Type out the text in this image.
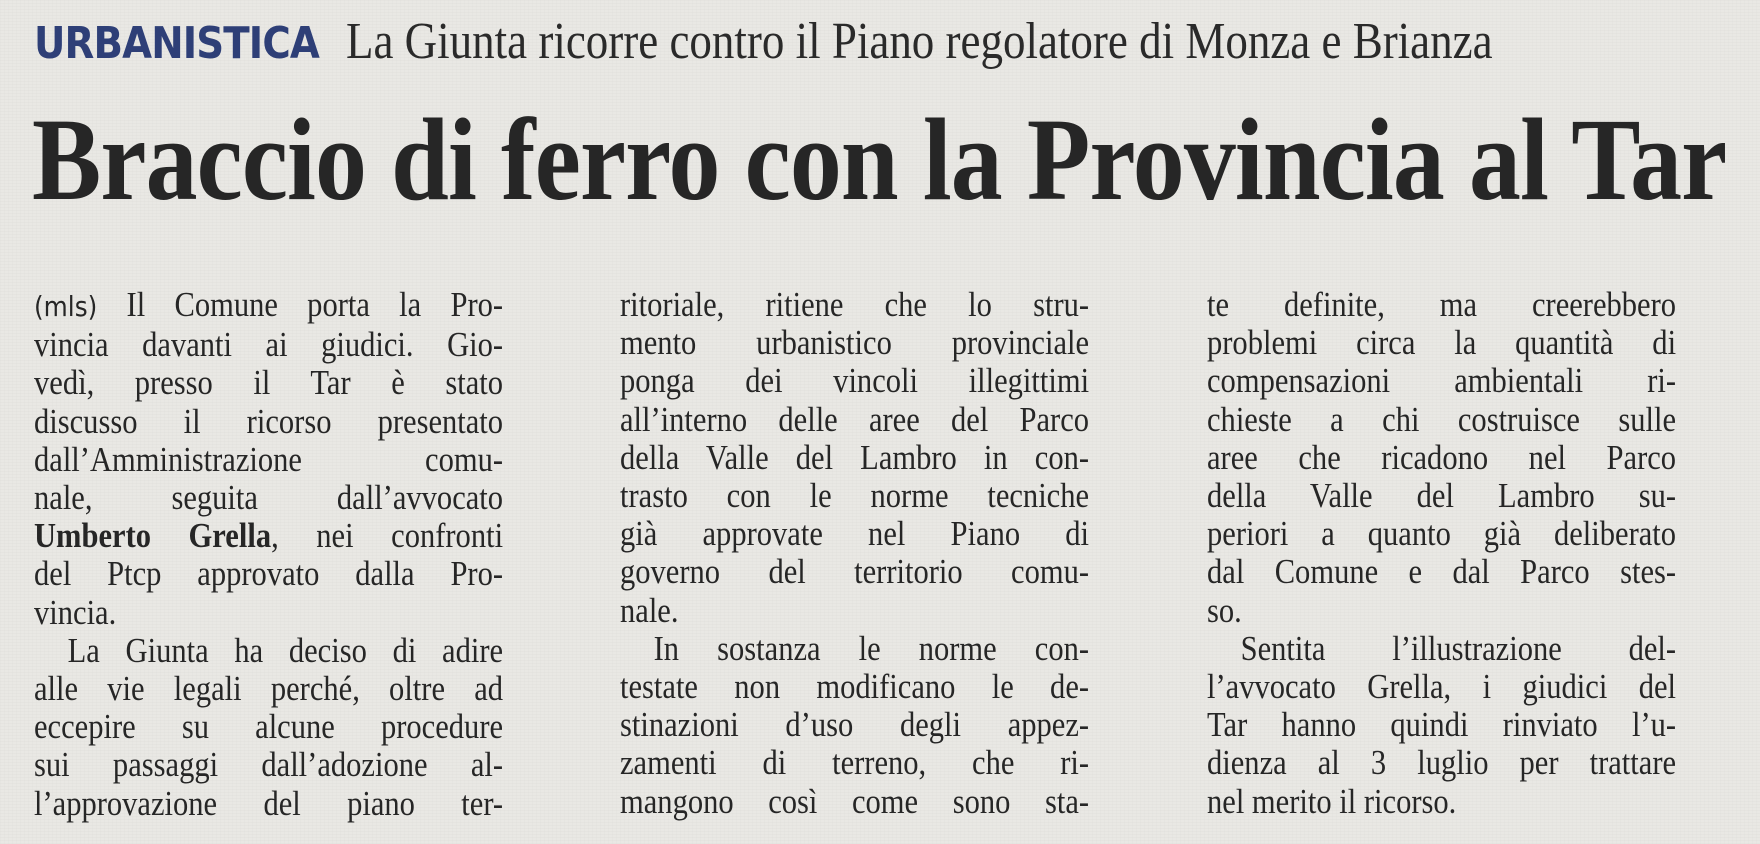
URBANISTICA La Giunta ricorre contro il Piano regolatore di Monza e Brianza
Braccio di ferro con la Provincia al Tar
(mls) Il Comune porta la Pro-
vincia davanti ai giudici. Gio-
vedì, presso il Tar è stato
discusso il ricorso presentato
dall’Amministrazione comu-
nale, seguita dall’avvocato
Umberto Grella, nei confronti
del Ptcp approvato dalla Pro-
vincia.
La Giunta ha deciso di adire
alle vie legali perché, oltre ad
eccepire su alcune procedure
sui passaggi dall’adozione al-
l’approvazione del piano ter-
ritoriale, ritiene che lo stru-
mento urbanistico provinciale
ponga dei vincoli illegittimi
all’interno delle aree del Parco
della Valle del Lambro in con-
trasto con le norme tecniche
già approvate nel Piano di
governo del territorio comu-
nale.
In sostanza le norme con-
testate non modificano le de-
stinazioni d’uso degli appez-
zamenti di terreno, che ri-
mangono così come sono sta-
te definite, ma creerebbero
problemi circa la quantità di
compensazioni ambientali ri-
chieste a chi costruisce sulle
aree che ricadono nel Parco
della Valle del Lambro su-
periori a quanto già deliberato
dal Comune e dal Parco stes-
so.
Sentita l’illustrazione del-
l’avvocato Grella, i giudici del
Tar hanno quindi rinviato l’u-
dienza al 3 luglio per trattare
nel merito il ricorso.
